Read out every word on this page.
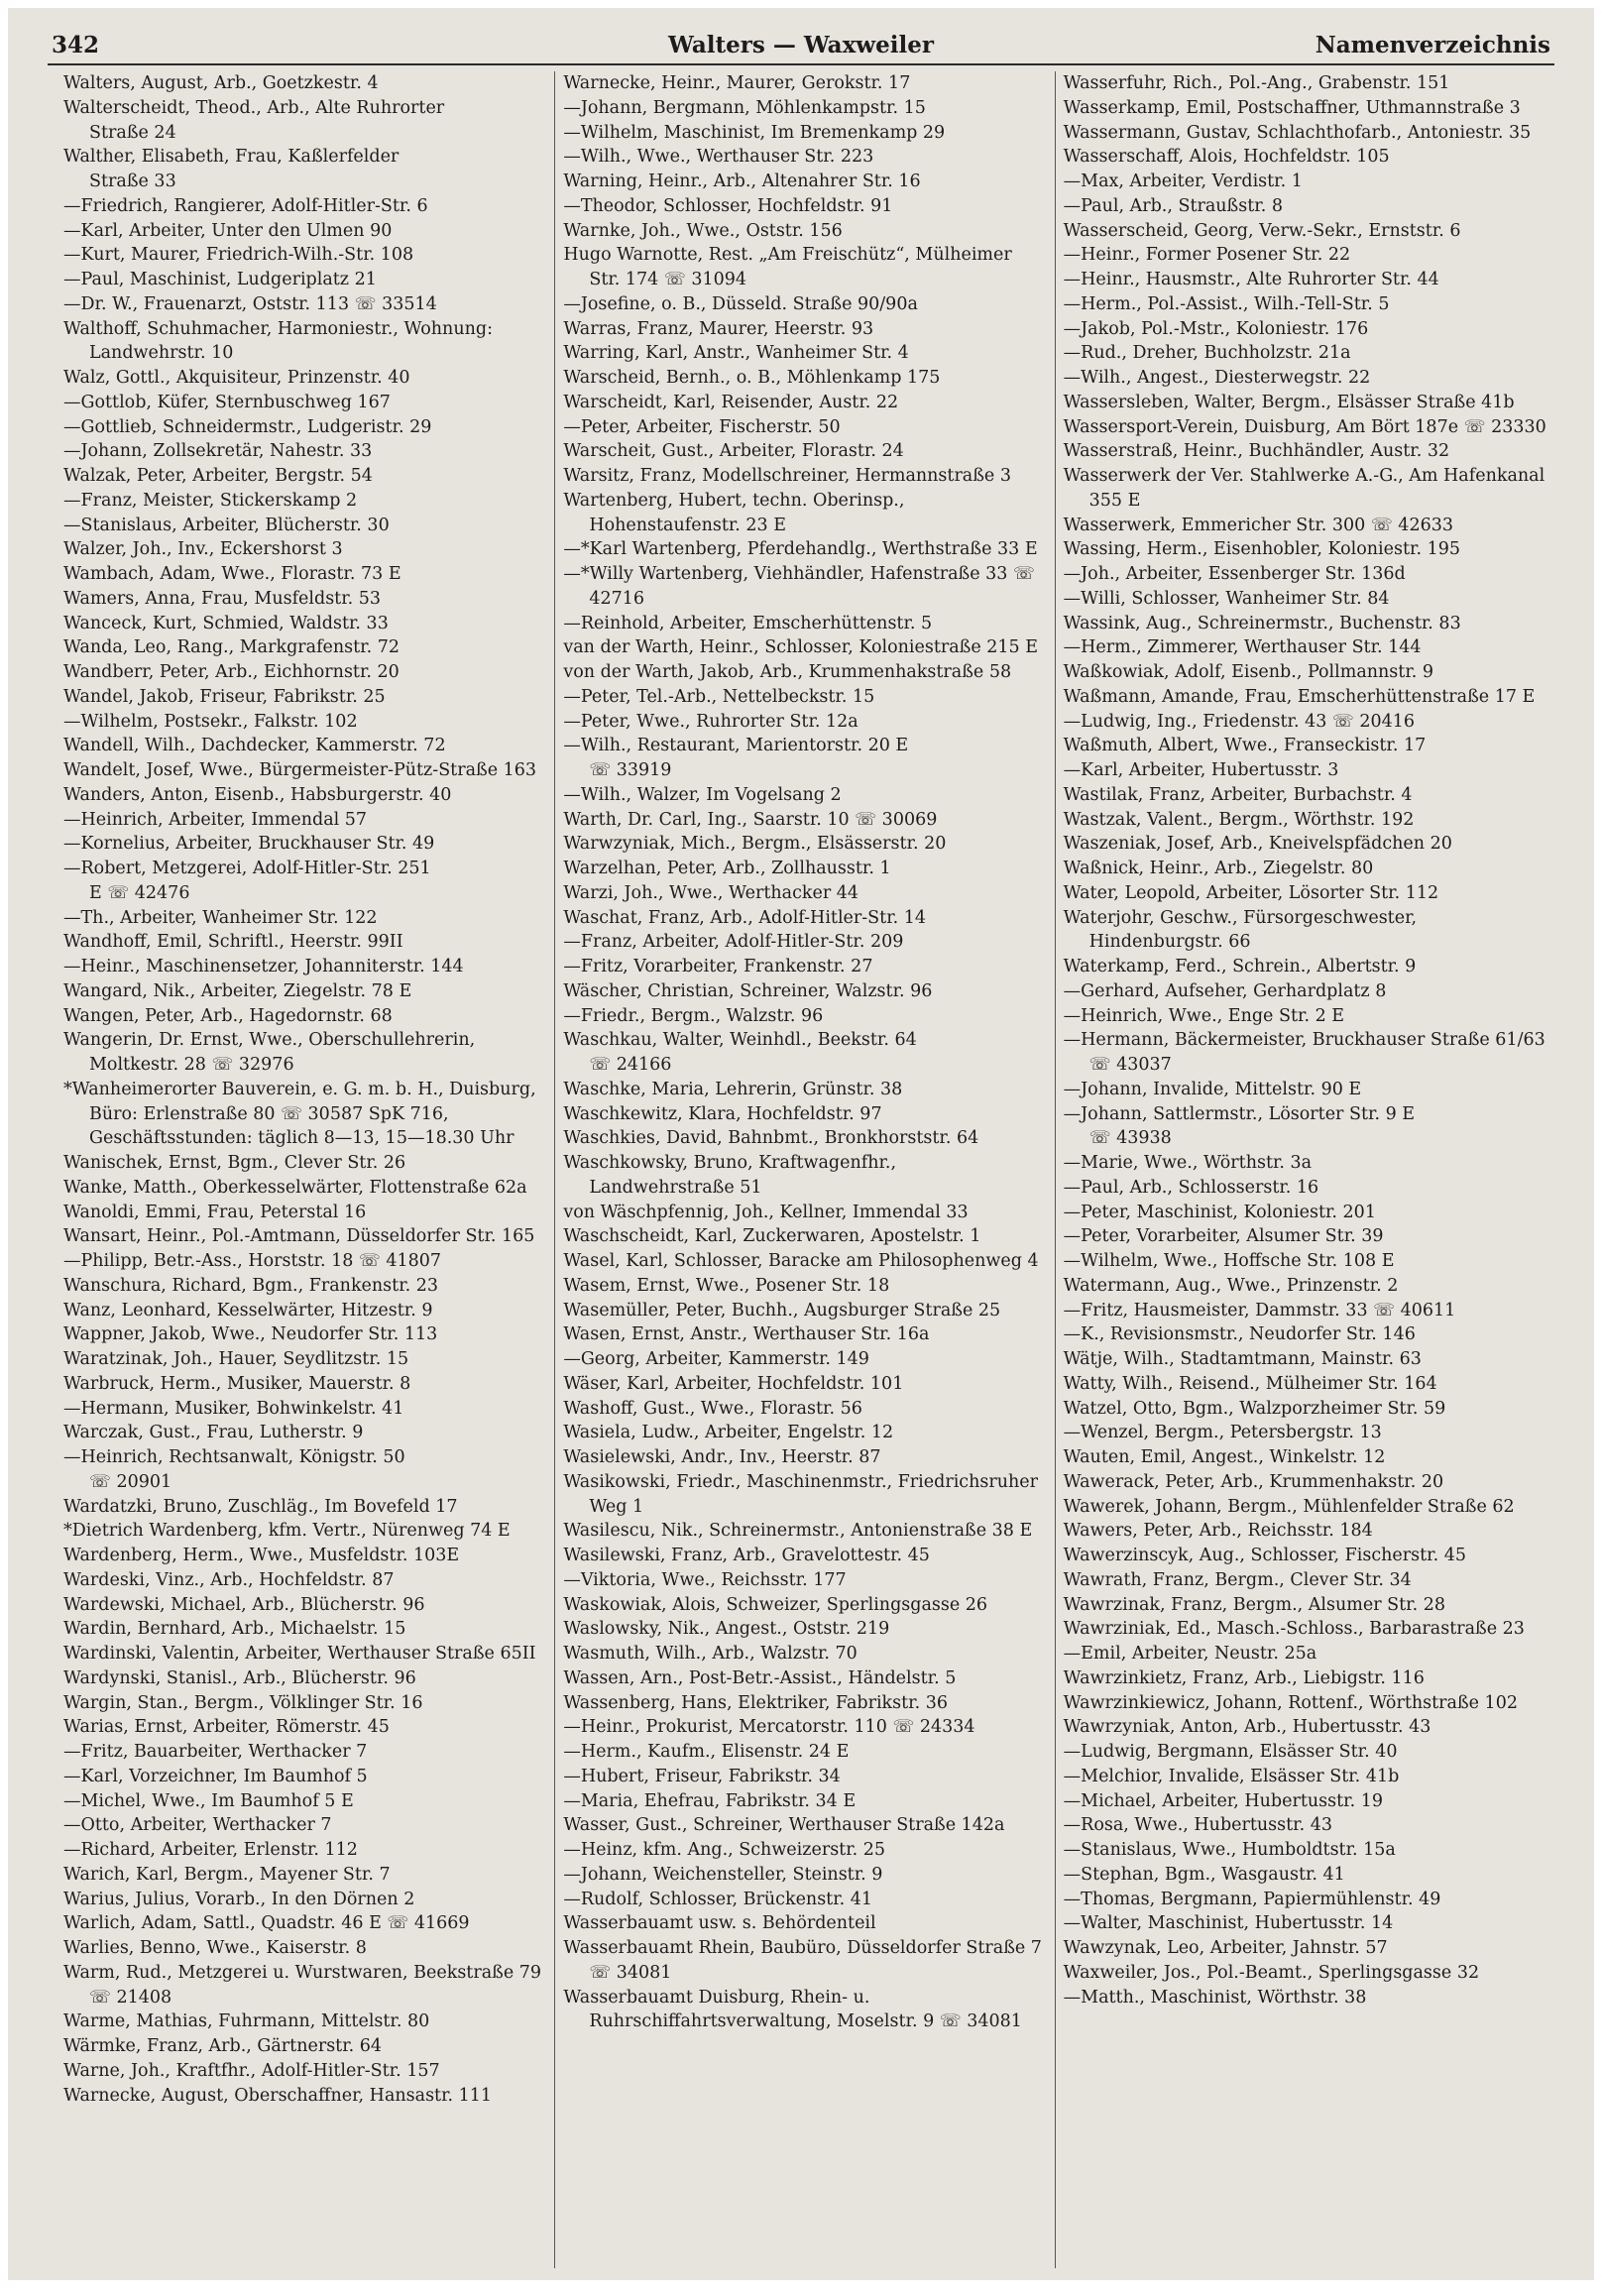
342	Walters — Waxweiler	Namenverzeichnis

Walters, August, Arb., Goetzkestr. 4

Walterscheidt, Theod., Arb., Alte Ruhrorter
Straße 24

Walther, Elisabeth, Frau, Kaßlerfelder
Straße 33

—Friedrich, Rangierer, Adolf-Hitler-Str. 6

—Karl, Arbeiter, Unter den Ulmen 90

—Kurt, Maurer, Friedrich-Wilh.-Str. 108

—Paul, Maschinist, Ludgeriplatz 21

—Dr. W., Frauenarzt, Oststr. 113 ☏ 33514

Walthoff, Schuhmacher, Harmoniestr., Wohnung: Landwehrstr. 10

Walz, Gottl., Akquisiteur, Prinzenstr. 40

—Gottlob, Küfer, Sternbuschweg 167

—Gottlieb, Schneidermstr., Ludgeristr. 29

—Johann, Zollsekretär, Nahestr. 33

Walzak, Peter, Arbeiter, Bergstr. 54

—Franz, Meister, Stickerskamp 2

—Stanislaus, Arbeiter, Blücherstr. 30

Walzer, Joh., Inv., Eckershorst 3

Wambach, Adam, Wwe., Florastr. 73 E

Wamers, Anna, Frau, Musfeldstr. 53

Wanceck, Kurt, Schmied, Waldstr. 33

Wanda, Leo, Rang., Markgrafenstr. 72

Wandberr, Peter, Arb., Eichhornstr. 20

Wandel, Jakob, Friseur, Fabrikstr. 25

—Wilhelm, Postsekr., Falkstr. 102

Wandell, Wilh., Dachdecker, Kammerstr. 72

Wandelt, Josef, Wwe., Bürgermeister-Pütz-Straße 163

Wanders, Anton, Eisenb., Habsburgerstr. 40

—Heinrich, Arbeiter, Immendal 57

—Kornelius, Arbeiter, Bruckhauser Str. 49

—Robert, Metzgerei, Adolf-Hitler-Str. 251
E ☏ 42476

—Th., Arbeiter, Wanheimer Str. 122

Wandhoff, Emil, Schriftl., Heerstr. 99II

—Heinr., Maschinensetzer, Johanniterstr. 144

Wangard, Nik., Arbeiter, Ziegelstr. 78 E

Wangen, Peter, Arb., Hagedornstr. 68

Wangerin, Dr. Ernst, Wwe., Oberschullehrerin, Moltkestr. 28 ☏ 32976

*Wanheimerorter Bauverein, e. G. m. b. H., Duisburg, Büro: Erlenstraße 80 ☏ 30587 SpK 716, Geschäftsstunden: täglich 8—13, 15—18.30 Uhr

Wanischek, Ernst, Bgm., Clever Str. 26

Wanke, Matth., Oberkesselwärter, Flottenstraße 62a

Wanoldi, Emmi, Frau, Peterstal 16

Wansart, Heinr., Pol.-Amtmann, Düsseldorfer Str. 165

—Philipp, Betr.-Ass., Horststr. 18 ☏ 41807

Wanschura, Richard, Bgm., Frankenstr. 23

Wanz, Leonhard, Kesselwärter, Hitzestr. 9

Wappner, Jakob, Wwe., Neudorfer Str. 113

Waratzinak, Joh., Hauer, Seydlitzstr. 15

Warbruck, Herm., Musiker, Mauerstr. 8

—Hermann, Musiker, Bohwinkelstr. 41

Warczak, Gust., Frau, Lutherstr. 9

—Heinrich, Rechtsanwalt, Königstr. 50
☏ 20901

Wardatzki, Bruno, Zuschläg., Im Bovefeld 17

*Dietrich Wardenberg, kfm. Vertr., Nürenweg 74 E

Wardenberg, Herm., Wwe., Musfeldstr. 103E

Wardeski, Vinz., Arb., Hochfeldstr. 87

Wardewski, Michael, Arb., Blücherstr. 96

Wardin, Bernhard, Arb., Michaelstr. 15

Wardinski, Valentin, Arbeiter, Werthauser Straße 65II

Wardynski, Stanisl., Arb., Blücherstr. 96

Wargin, Stan., Bergm., Völklinger Str. 16

Warias, Ernst, Arbeiter, Römerstr. 45

—Fritz, Bauarbeiter, Werthacker 7

—Karl, Vorzeichner, Im Baumhof 5

—Michel, Wwe., Im Baumhof 5 E

—Otto, Arbeiter, Werthacker 7

—Richard, Arbeiter, Erlenstr. 112

Warich, Karl, Bergm., Mayener Str. 7

Warius, Julius, Vorarb., In den Dörnen 2

Warlich, Adam, Sattl., Quadstr. 46 E ☏ 41669

Warlies, Benno, Wwe., Kaiserstr. 8

Warm, Rud., Metzgerei u. Wurstwaren, Beekstraße 79 ☏ 21408

Warme, Mathias, Fuhrmann, Mittelstr. 80

Wärmke, Franz, Arb., Gärtnerstr. 64

Warne, Joh., Kraftfhr., Adolf-Hitler-Str. 157

Warnecke, August, Oberschaffner, Hansastr. 111

Warnecke, Heinr., Maurer, Gerokstr. 17

—Johann, Bergmann, Möhlenkampstr. 15

—Wilhelm, Maschinist, Im Bremenkamp 29

—Wilh., Wwe., Werthauser Str. 223

Warning, Heinr., Arb., Altenahrer Str. 16

—Theodor, Schlosser, Hochfeldstr. 91

Warnke, Joh., Wwe., Oststr. 156

Hugo Warnotte, Rest. „Am Freischütz“, Mülheimer Str. 174 ☏ 31094

—Josefine, o. B., Düsseld. Straße 90/90a

Warras, Franz, Maurer, Heerstr. 93

Warring, Karl, Anstr., Wanheimer Str. 4

Warscheid, Bernh., o. B., Möhlenkamp 175

Warscheidt, Karl, Reisender, Austr. 22

—Peter, Arbeiter, Fischerstr. 50

Warscheit, Gust., Arbeiter, Florastr. 24

Warsitz, Franz, Modellschreiner, Hermannstraße 3

Wartenberg, Hubert, techn. Oberinsp., Hohenstaufenstr. 23 E

—*Karl Wartenberg, Pferdehandlg., Werthstraße 33 E

—*Willy Wartenberg, Viehhändler, Hafenstraße 33 ☏ 42716

—Reinhold, Arbeiter, Emscherhüttenstr. 5

van der Warth, Heinr., Schlosser, Koloniestraße 215 E

von der Warth, Jakob, Arb., Krummenhakstraße 58

—Peter, Tel.-Arb., Nettelbeckstr. 15

—Peter, Wwe., Ruhrorter Str. 12a

—Wilh., Restaurant, Marientorstr. 20 E
☏ 33919

—Wilh., Walzer, Im Vogelsang 2

Warth, Dr. Carl, Ing., Saarstr. 10 ☏ 30069

Warwzyniak, Mich., Bergm., Elsässerstr. 20

Warzelhan, Peter, Arb., Zollhausstr. 1

Warzi, Joh., Wwe., Werthacker 44

Waschat, Franz, Arb., Adolf-Hitler-Str. 14

—Franz, Arbeiter, Adolf-Hitler-Str. 209

—Fritz, Vorarbeiter, Frankenstr. 27

Wäscher, Christian, Schreiner, Walzstr. 96

—Friedr., Bergm., Walzstr. 96

Waschkau, Walter, Weinhdl., Beekstr. 64
☏ 24166

Waschke, Maria, Lehrerin, Grünstr. 38

Waschkewitz, Klara, Hochfeldstr. 97

Waschkies, David, Bahnbmt., Bronkhorststr. 64

Waschkowsky, Bruno, Kraftwagenfhr., Landwehrstraße 51

von Wäschpfennig, Joh., Kellner, Immendal 33

Waschscheidt, Karl, Zuckerwaren, Apostelstr. 1

Wasel, Karl, Schlosser, Baracke am Philosophenweg 4

Wasem, Ernst, Wwe., Posener Str. 18

Wasemüller, Peter, Buchh., Augsburger Straße 25

Wasen, Ernst, Anstr., Werthauser Str. 16a

—Georg, Arbeiter, Kammerstr. 149

Wäser, Karl, Arbeiter, Hochfeldstr. 101

Washoff, Gust., Wwe., Florastr. 56

Wasiela, Ludw., Arbeiter, Engelstr. 12

Wasielewski, Andr., Inv., Heerstr. 87

Wasikowski, Friedr., Maschinenmstr., Friedrichsruher Weg 1

Wasilescu, Nik., Schreinermstr., Antonienstraße 38 E

Wasilewski, Franz, Arb., Gravelottestr. 45

—Viktoria, Wwe., Reichsstr. 177

Waskowiak, Alois, Schweizer, Sperlingsgasse 26

Waslowsky, Nik., Angest., Oststr. 219

Wasmuth, Wilh., Arb., Walzstr. 70

Wassen, Arn., Post-Betr.-Assist., Händelstr. 5

Wassenberg, Hans, Elektriker, Fabrikstr. 36

—Heinr., Prokurist, Mercatorstr. 110 ☏ 24334

—Herm., Kaufm., Elisenstr. 24 E

—Hubert, Friseur, Fabrikstr. 34

—Maria, Ehefrau, Fabrikstr. 34 E

Wasser, Gust., Schreiner, Werthauser Straße 142a

—Heinz, kfm. Ang., Schweizerstr. 25

—Johann, Weichensteller, Steinstr. 9

—Rudolf, Schlosser, Brückenstr. 41

Wasserbauamt usw. s. Behördenteil

Wasserbauamt Rhein, Baubüro, Düsseldorfer Straße 7 ☏ 34081

Wasserbauamt Duisburg, Rhein- u. Ruhrschiffahrtsverwaltung, Moselstr. 9 ☏ 34081

Wasserfuhr, Rich., Pol.-Ang., Grabenstr. 151

Wasserkamp, Emil, Postschaffner, Uthmannstraße 3

Wassermann, Gustav, Schlachthofarb., Antoniestr. 35

Wasserschaff, Alois, Hochfeldstr. 105

—Max, Arbeiter, Verdistr. 1

—Paul, Arb., Straußstr. 8

Wasserscheid, Georg, Verw.-Sekr., Ernststr. 6

—Heinr., Former Posener Str. 22

—Heinr., Hausmstr., Alte Ruhrorter Str. 44

—Herm., Pol.-Assist., Wilh.-Tell-Str. 5

—Jakob, Pol.-Mstr., Koloniestr. 176

—Rud., Dreher, Buchholzstr. 21a

—Wilh., Angest., Diesterwegstr. 22

Wassersleben, Walter, Bergm., Elsässer Straße 41b

Wassersport-Verein, Duisburg, Am Bört 187e ☏ 23330

Wasserstraß, Heinr., Buchhändler, Austr. 32

Wasserwerk der Ver. Stahlwerke A.-G., Am Hafenkanal 355 E

Wasserwerk, Emmericher Str. 300 ☏ 42633

Wassing, Herm., Eisenhobler, Koloniestr. 195

—Joh., Arbeiter, Essenberger Str. 136d

—Willi, Schlosser, Wanheimer Str. 84

Wassink, Aug., Schreinermstr., Buchenstr. 83

—Herm., Zimmerer, Werthauser Str. 144

Waßkowiak, Adolf, Eisenb., Pollmannstr. 9

Waßmann, Amande, Frau, Emscherhüttenstraße 17 E

—Ludwig, Ing., Friedenstr. 43 ☏ 20416

Waßmuth, Albert, Wwe., Franseckistr. 17

—Karl, Arbeiter, Hubertusstr. 3

Wastilak, Franz, Arbeiter, Burbachstr. 4

Wastzak, Valent., Bergm., Wörthstr. 192

Waszeniak, Josef, Arb., Kneivelspfädchen 20

Waßnick, Heinr., Arb., Ziegelstr. 80

Water, Leopold, Arbeiter, Lösorter Str. 112

Waterjohr, Geschw., Fürsorgeschwester, Hindenburgstr. 66

Waterkamp, Ferd., Schrein., Albertstr. 9

—Gerhard, Aufseher, Gerhardplatz 8

—Heinrich, Wwe., Enge Str. 2 E

—Hermann, Bäckermeister, Bruckhauser Straße 61/63 ☏ 43037

—Johann, Invalide, Mittelstr. 90 E

—Johann, Sattlermstr., Lösorter Str. 9 E
☏ 43938

—Marie, Wwe., Wörthstr. 3a

—Paul, Arb., Schlosserstr. 16

—Peter, Maschinist, Koloniestr. 201

—Peter, Vorarbeiter, Alsumer Str. 39

—Wilhelm, Wwe., Hoffsche Str. 108 E

Watermann, Aug., Wwe., Prinzenstr. 2

—Fritz, Hausmeister, Dammstr. 33 ☏ 40611

—K., Revisionsmstr., Neudorfer Str. 146

Wätje, Wilh., Stadtamtmann, Mainstr. 63

Watty, Wilh., Reisend., Mülheimer Str. 164

Watzel, Otto, Bgm., Walzporzheimer Str. 59

—Wenzel, Bergm., Petersbergstr. 13

Wauten, Emil, Angest., Winkelstr. 12

Wawerack, Peter, Arb., Krummenhakstr. 20

Wawerek, Johann, Bergm., Mühlenfelder Straße 62

Wawers, Peter, Arb., Reichsstr. 184

Wawerzinscyk, Aug., Schlosser, Fischerstr. 45

Wawrath, Franz, Bergm., Clever Str. 34

Wawrzinak, Franz, Bergm., Alsumer Str. 28

Wawrziniak, Ed., Masch.-Schloss., Barbarastraße 23

—Emil, Arbeiter, Neustr. 25a

Wawrzinkietz, Franz, Arb., Liebigstr. 116

Wawrzinkiewicz, Johann, Rottenf., Wörthstraße 102

Wawrzyniak, Anton, Arb., Hubertusstr. 43

—Ludwig, Bergmann, Elsässer Str. 40

—Melchior, Invalide, Elsässer Str. 41b

—Michael, Arbeiter, Hubertusstr. 19

—Rosa, Wwe., Hubertusstr. 43

—Stanislaus, Wwe., Humboldtstr. 15a

—Stephan, Bgm., Wasgaustr. 41

—Thomas, Bergmann, Papiermühlenstr. 49

—Walter, Maschinist, Hubertusstr. 14

Wawzynak, Leo, Arbeiter, Jahnstr. 57

Waxweiler, Jos., Pol.-Beamt., Sperlingsgasse 32

—Matth., Maschinist, Wörthstr. 38
